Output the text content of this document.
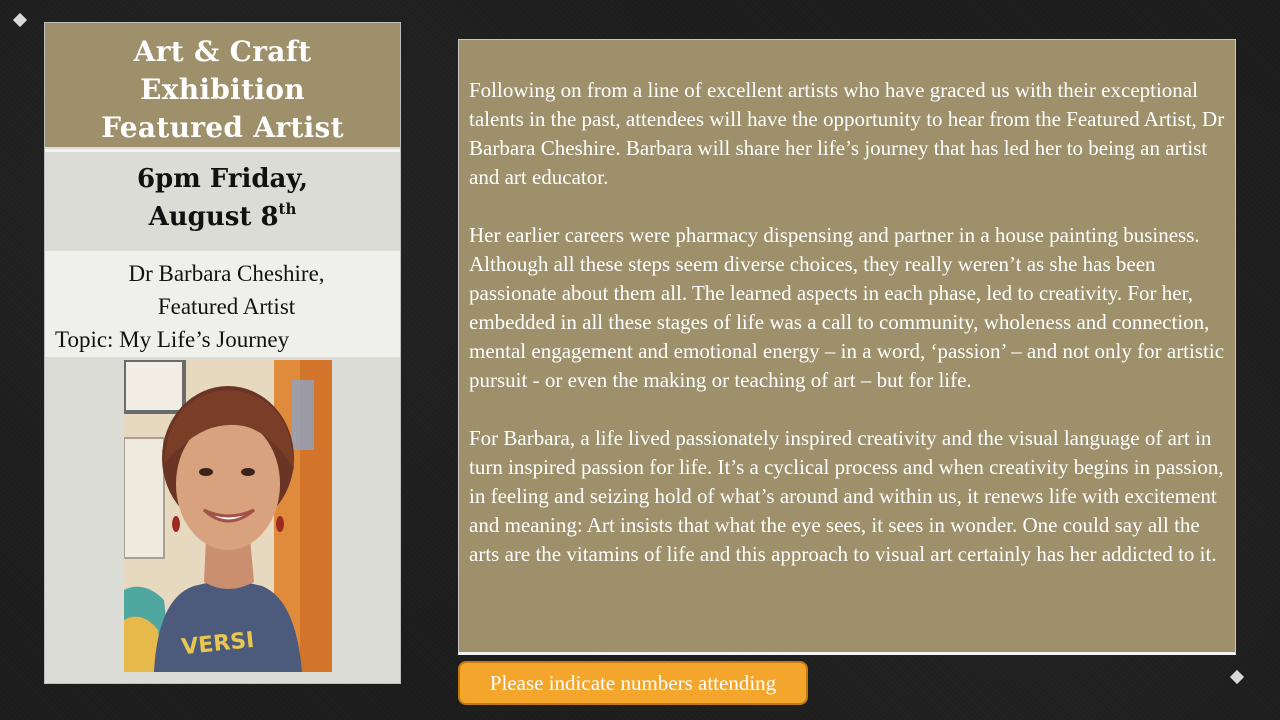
Art & Craft
Exhibition
Featured Artist
6pm Friday,
August 8th
Dr Barbara Cheshire,
Featured Artist
Topic: My Life’s Journey
VERSI

Following on from a line of excellent artists who have graced us with their exceptional talents in the past, attendees will have the opportunity to hear from the Featured Artist, Dr Barbara Cheshire. Barbara will share her life’s journey that has led her to being an artist and art educator.

Her earlier careers were pharmacy dispensing and partner in a house painting business. Although all these steps seem diverse choices, they really weren’t as she has been passionate about them all. The learned aspects in each phase, led to creativity. For her, embedded in all these stages of life was a call to community, wholeness and connection, mental engagement and emotional energy – in a word, ‘passion’ – and not only for artistic pursuit - or even the making or teaching of art – but for life.

For Barbara, a life lived passionately inspired creativity and the visual language of art in turn inspired passion for life. It’s a cyclical process and when creativity begins in passion, in feeling and seizing hold of what’s around and within us, it renews life with excitement and meaning: Art insists that what the eye sees, it sees in wonder. One could say all the arts are the vitamins of life and this approach to visual art certainly has her addicted to it.

Please indicate numbers attending
